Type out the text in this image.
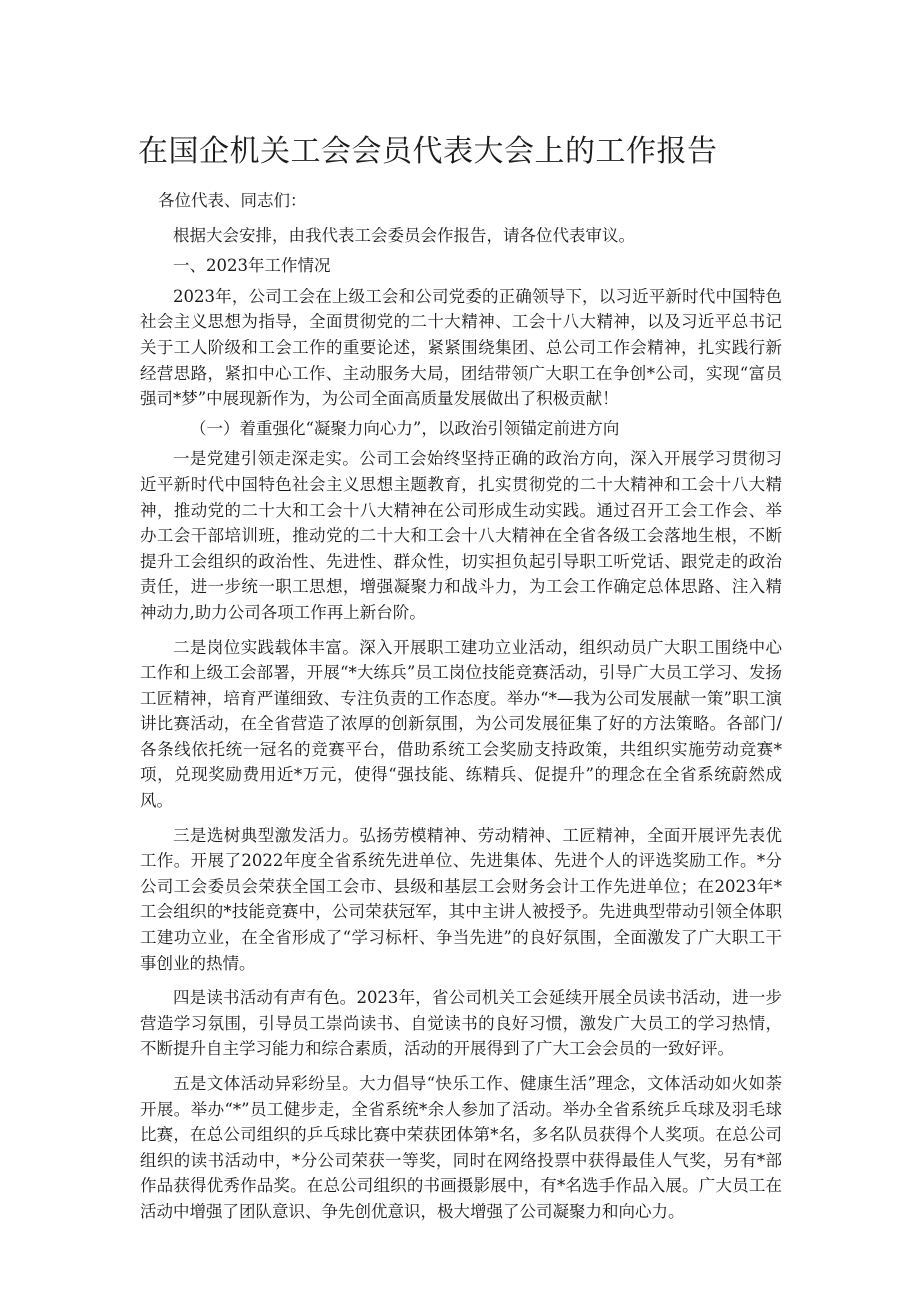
在国企机关工会会员代表大会上的工作报告

各位代表、同志们：

根据大会安排，由我代表工会委员会作报告，请各位代表审议。

一、2023年工作情况

2023年，公司工会在上级工会和公司党委的正确领导下，以习近平新时代中国特色社会主义思想为指导，全面贯彻党的二十大精神、工会十八大精神，以及习近平总书记关于工人阶级和工会工作的重要论述，紧紧围绕集团、总公司工作会精神，扎实践行新经营思路，紧扣中心工作、主动服务大局，团结带领广大职工在争创*公司，实现“富员强司*梦”中展现新作为，为公司全面高质量发展做出了积极贡献！

（一）着重强化“凝聚力向心力”，以政治引领锚定前进方向

一是党建引领走深走实。公司工会始终坚持正确的政治方向，深入开展学习贯彻习近平新时代中国特色社会主义思想主题教育，扎实贯彻党的二十大精神和工会十八大精神，推动党的二十大和工会十八大精神在公司形成生动实践。通过召开工会工作会、举办工会干部培训班，推动党的二十大和工会十八大精神在全省各级工会落地生根，不断提升工会组织的政治性、先进性、群众性，切实担负起引导职工听党话、跟党走的政治责任，进一步统一职工思想，增强凝聚力和战斗力，为工会工作确定总体思路、注入精神动力,助力公司各项工作再上新台阶。

二是岗位实践载体丰富。深入开展职工建功立业活动，组织动员广大职工围绕中心工作和上级工会部署，开展“*大练兵”员工岗位技能竞赛活动，引导广大员工学习、发扬工匠精神，培育严谨细致、专注负责的工作态度。举办“*—我为公司发展献一策”职工演讲比赛活动，在全省营造了浓厚的创新氛围，为公司发展征集了好的方法策略。各部门/各条线依托统一冠名的竞赛平台，借助系统工会奖励支持政策，共组织实施劳动竞赛*项，兑现奖励费用近*万元，使得“强技能、练精兵、促提升”的理念在全省系统蔚然成风。

三是选树典型激发活力。弘扬劳模精神、劳动精神、工匠精神，全面开展评先表优工作。开展了2022年度全省系统先进单位、先进集体、先进个人的评选奖励工作。*分公司工会委员会荣获全国工会市、县级和基层工会财务会计工作先进单位；在2023年*工会组织的*技能竞赛中，公司荣获冠军，其中主讲人被授予。先进典型带动引领全体职工建功立业，在全省形成了“学习标杆、争当先进”的良好氛围，全面激发了广大职工干事创业的热情。

四是读书活动有声有色。2023年，省公司机关工会延续开展全员读书活动，进一步营造学习氛围，引导员工崇尚读书、自觉读书的良好习惯，激发广大员工的学习热情，不断提升自主学习能力和综合素质，活动的开展得到了广大工会会员的一致好评。

五是文体活动异彩纷呈。大力倡导“快乐工作、健康生活”理念，文体活动如火如荼开展。举办“*”员工健步走，全省系统*余人参加了活动。举办全省系统乒乓球及羽毛球比赛，在总公司组织的乒乓球比赛中荣获团体第*名，多名队员获得个人奖项。在总公司组织的读书活动中，*分公司荣获一等奖，同时在网络投票中获得最佳人气奖，另有*部作品获得优秀作品奖。在总公司组织的书画摄影展中，有*名选手作品入展。广大员工在活动中增强了团队意识、争先创优意识，极大增强了公司凝聚力和向心力。
